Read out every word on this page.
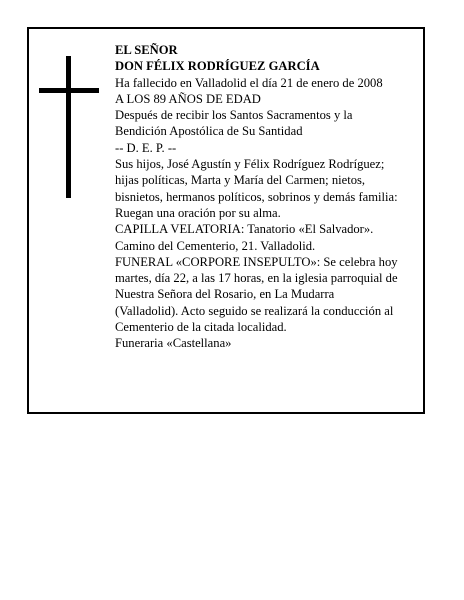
EL SEÑOR
DON FÉLIX RODRÍGUEZ GARCÍA
Ha fallecido en Valladolid el día 21 de enero de 2008
A LOS 89 AÑOS DE EDAD
Después de recibir los Santos Sacramentos y la
Bendición Apostólica de Su Santidad
-- D. E. P. --
Sus hijos, José Agustín y Félix Rodríguez Rodríguez;
hijas políticas, Marta y María del Carmen; nietos,
bisnietos, hermanos políticos, sobrinos y demás familia:
Ruegan una oración por su alma.
CAPILLA VELATORIA: Tanatorio «El Salvador».
Camino del Cementerio, 21. Valladolid.
FUNERAL «CORPORE INSEPULTO»: Se celebra hoy
martes, día 22, a las 17 horas, en la iglesia parroquial de
Nuestra Señora del Rosario, en La Mudarra
(Valladolid). Acto seguido se realizará la conducción al
Cementerio de la citada localidad.
Funeraria «Castellana»
